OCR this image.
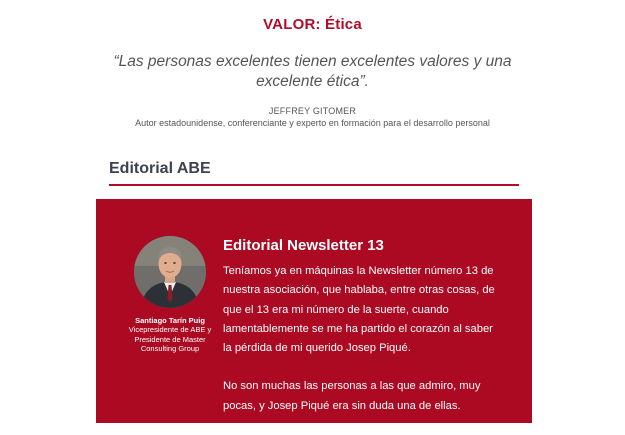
VALOR: Ética
“Las personas excelentes tienen excelentes valores y una excelente ética”.
JEFFREY GITOMER
Autor estadounidense, conferenciante y experto en formación para el desarrollo personal
Editorial ABE
Santiago Tarín Puig
Vicepresidente de ABE y Presidente de Master Consulting Group
Editorial Newsletter 13

Teníamos ya en máquinas la Newsletter número 13 de nuestra asociación, que hablaba, entre otras cosas, de que el 13 era mi número de la suerte, cuando lamentablemente se me ha partido el corazón al saber la pérdida de mi querido Josep Piqué.

No son muchas las personas a las que admiro, muy pocas, y Josep Piqué era sin duda una de ellas.
